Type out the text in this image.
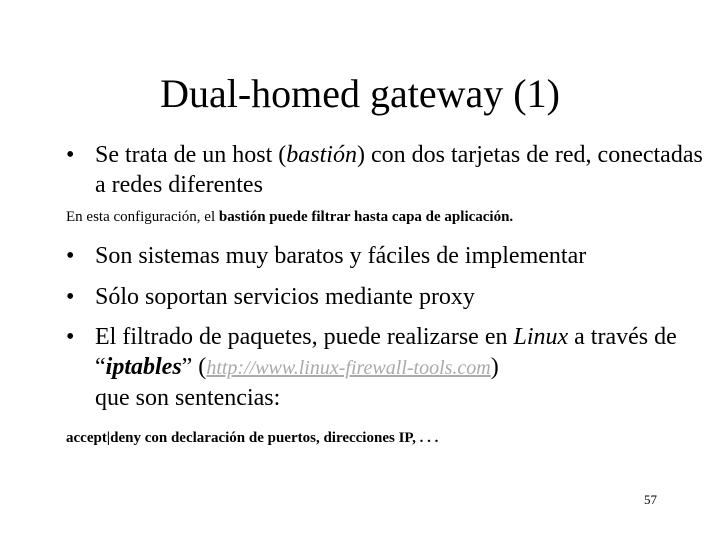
Dual-homed gateway (1)
• Se trata de un host (bastión) con dos tarjetas de red, conectadas a redes diferentes
En esta configuración, el bastión puede filtrar hasta capa de aplicación.
• Son sistemas muy baratos y fáciles de implementar
• Sólo soportan servicios mediante proxy
• El filtrado de paquetes, puede realizarse en Linux a través de “iptables” (http://www.linux-firewall-tools.com)
que son sentencias:
accept|deny con declaración de puertos, direcciones IP, . . .
57
